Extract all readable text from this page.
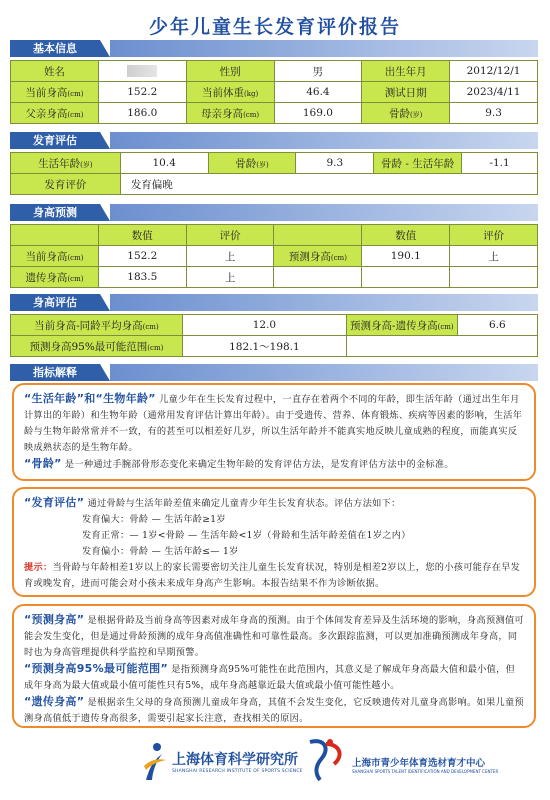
少年儿童生长发育评价报告
基本信息
姓名		性别	男	出生年月	2012/12/1
当前身高(cm)	152.2	当前体重(kg)	46.4	测试日期	2023/4/11
父亲身高(cm)	186.0	母亲身高(cm)	169.0	骨龄(岁)	9.3
发育评估
生活年龄(岁)	10.4	骨龄(岁)	9.3	骨龄 - 生活年龄	-1.1
发育评价	发育偏晚				
身高预测
	数值	评价		数值	评价
当前身高(cm)	152.2	上	预测身高(cm)	190.1	上
遗传身高(cm)	183.5	上			
身高评估
当前身高-同龄平均身高(cm)	12.0	预测身高-遗传身高(cm)	6.6
预测身高95%最可能范围(cm)	182.1～198.1		
指标解释
“生活年龄”和“生物年龄” 儿童少年在生长发育过程中，一直存在着两个不同的年龄，即生活年龄（通过出生年月计算出的年龄）和生物年龄（通常用发育评估计算出年龄）。由于受遗传、营养、体育锻炼、疾病等因素的影响，生活年龄与生物年龄常常并不一致，有的甚至可以相差好几岁，所以生活年龄并不能真实地反映儿童成熟的程度，而能真实反映成熟状态的是生物年龄。
“骨龄” 是一种通过手腕部骨形态变化来确定生物年龄的发育评估方法，是发育评估方法中的金标准。
“发育评估” 通过骨龄与生活年龄差值来确定儿童青少年生长发育状态。评估方法如下：
发育偏大：骨龄 — 生活年龄≥1岁
发育正常：— 1岁<骨龄 — 生活年龄<1岁（骨龄和生活年龄差值在1岁之内）
发育偏小：骨龄 — 生活年龄≤— 1岁
提示：当骨龄与年龄相差1岁以上的家长需要密切关注儿童生长发育状况，特别是相差2岁以上，您的小孩可能存在早发育或晚发育，进而可能会对小孩未来成年身高产生影响。本报告结果不作为诊断依据。
“预测身高” 是根据骨龄及当前身高等因素对成年身高的预测。由于个体间发育差异及生活环境的影响，身高预测值可能会发生变化，但是通过骨龄预测的成年身高值准确性和可靠性最高。多次跟踪监测，可以更加准确预测成年身高，同时也为身高管理提供科学监控和早期预警。
“预测身高95%最可能范围” 是指预测身高95%可能性在此范围内，其意义是了解成年身高最大值和最小值，但成年身高为最大值或最小值可能性只有5%，成年身高越靠近最大值或最小值可能性越小。
“遗传身高” 是根据亲生父母的身高预测儿童成年身高，其值不会发生变化，它反映遗传对儿童身高影响。如果儿童预测身高值低于遗传身高很多，需要引起家长注意，查找相关的原因。
上海体育科学研究所
SHANGHAI RESEARCH INSTITUTE OF SPORTS SCIENCE
上海市青少年体育选材育才中心
SHANGHAI SPORTS TALENT IDENTIFICATION AND DEVELOPMENT CENTER
